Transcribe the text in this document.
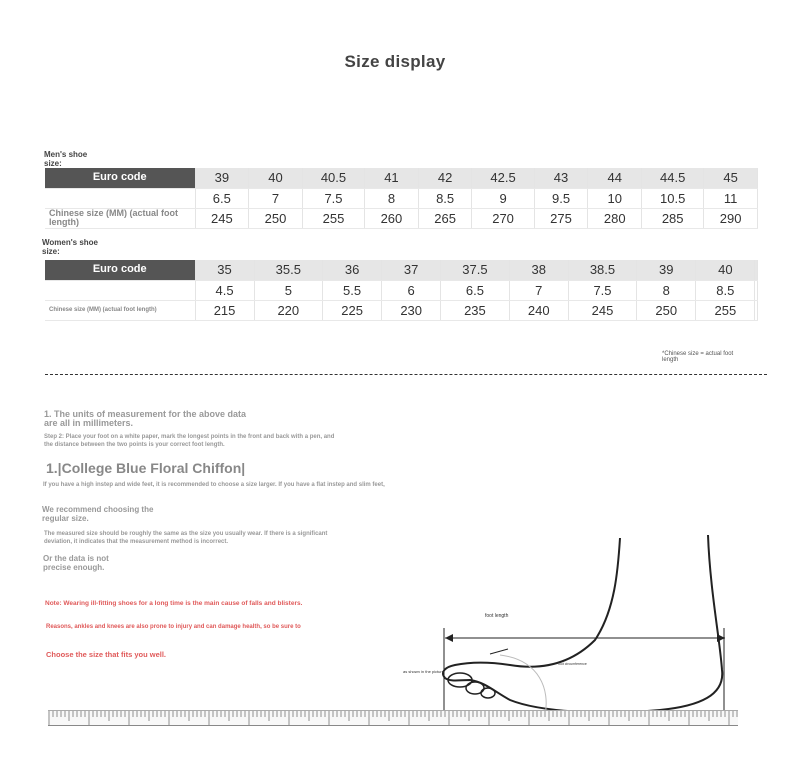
Size display
Men's shoe size:
Euro code	39	40	40.5	41	42	42.5	43	44	44.5	45
	6.5	7	7.5	8	8.5	9	9.5	10	10.5	11
Chinese size (MM) (actual foot length)	245	250	255	260	265	270	275	280	285	290
Women's shoe size:
Euro code	35	35.5	36	37	37.5	38	38.5	39	40	
	4.5	5	5.5	6	6.5	7	7.5	8	8.5	
Chinese size (MM) (actual foot length)	215	220	225	230	235	240	245	250	255	
*Chinese size = actual foot length
1. The units of measurement for the above data are all in millimeters.
Step 2: Place your foot on a white paper, mark the longest points in the front and back with a pen, and the distance between the two points is your correct foot length.
1.|College Blue Floral Chiffon|
If you have a high instep and wide feet, it is recommended to choose a size larger. If you have a flat instep and slim feet,
We recommend choosing the regular size.
The measured size should be roughly the same as the size you usually wear. If there is a significant deviation, it indicates that the measurement method is incorrect.
Or the data is not precise enough.
Note: Wearing ill-fitting shoes for a long time is the main cause of falls and blisters.
Reasons, ankles and knees are also prone to injury and can damage health, so be sure to
Choose the size that fits you well.
foot length
as shown in the picture
foot circumference
